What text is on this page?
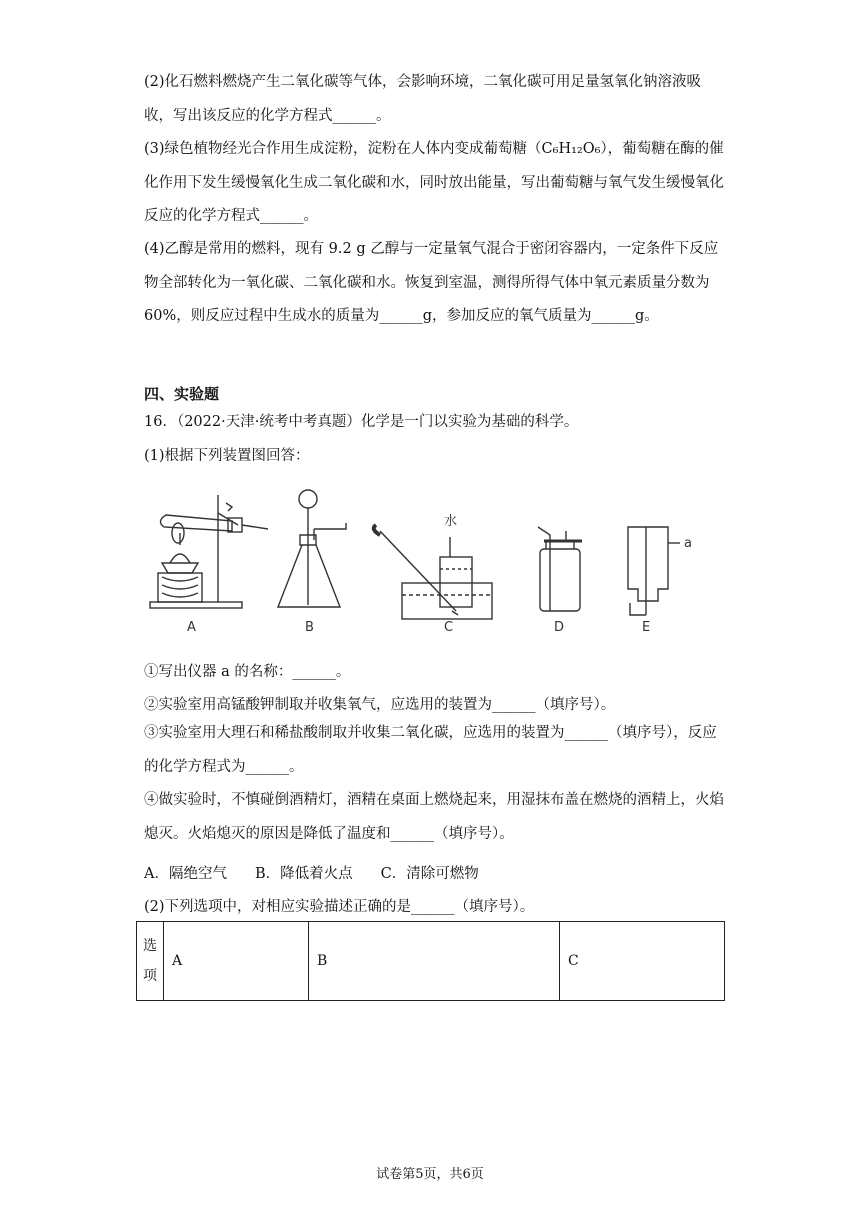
(2)化石燃料燃烧产生二氧化碳等气体，会影响环境，二氧化碳可用足量氢氧化钠溶液吸收，写出该反应的化学方程式______。

(3)绿色植物经光合作用生成淀粉，淀粉在人体内变成葡萄糖（C₆H₁₂O₆），葡萄糖在酶的催化作用下发生缓慢氧化生成二氧化碳和水，同时放出能量，写出葡萄糖与氧气发生缓慢氧化反应的化学方程式______。

(4)乙醇是常用的燃料，现有 9.2 g 乙醇与一定量氧气混合于密闭容器内，一定条件下反应物全部转化为一氧化碳、二氧化碳和水。恢复到室温，测得所得气体中氧元素质量分数为 60%，则反应过程中生成水的质量为______g，参加反应的氧气质量为______g。

四、实验题

16．（2022·天津·统考中考真题）化学是一门以实验为基础的科学。

(1)根据下列装置图回答：

A	B	C	D	E
水
a

①写出仪器 a 的名称：______。

②实验室用高锰酸钾制取并收集氧气，应选用的装置为______（填序号）。

③实验室用大理石和稀盐酸制取并收集二氧化碳，应选用的装置为______（填序号），反应的化学方程式为______。

④做实验时，不慎碰倒酒精灯，酒精在桌面上燃烧起来，用湿抹布盖在燃烧的酒精上，火焰熄灭。火焰熄灭的原因是降低了温度和______（填序号）。

A．隔绝空气 B．降低着火点 C．清除可燃物

(2)下列选项中，对相应实验描述正确的是______（填序号）。

选项	A	B	C
试卷第5页，共6页
